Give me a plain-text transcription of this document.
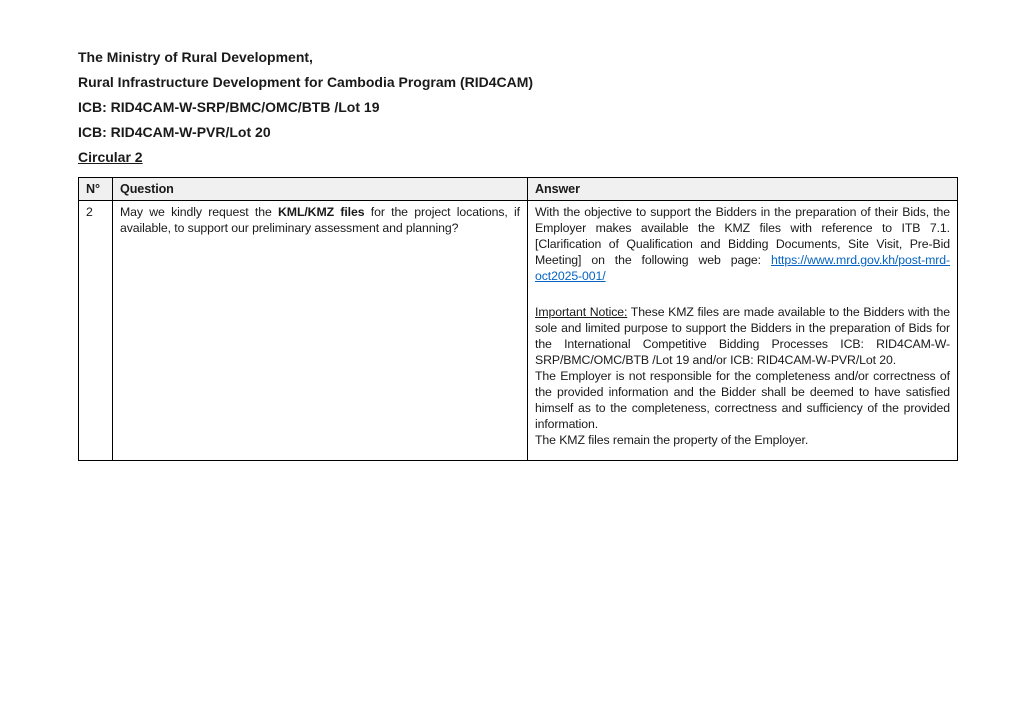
The Ministry of Rural Development,

Rural Infrastructure Development for Cambodia Program (RID4CAM)

ICB: RID4CAM-W-SRP/BMC/OMC/BTB /Lot 19

ICB: RID4CAM-W-PVR/Lot 20

Circular 2

N°	Question	Answer
2	May we kindly request the KML/KMZ files for the project locations, if available, to support our preliminary assessment and planning?	With the objective to support the Bidders in the preparation of their Bids, the Employer makes available the KMZ files with reference to ITB 7.1. [Clarification of Qualification and Bidding Documents, Site Visit, Pre-Bid Meeting] on the following web page: https://www.mrd.gov.kh/post-mrd-oct2025-001/

Important Notice: These KMZ files are made available to the Bidders with the sole and limited purpose to support the Bidders in the preparation of Bids for the International Competitive Bidding Processes ICB: RID4CAM-W-SRP/BMC/OMC/BTB /Lot 19 and/or ICB: RID4CAM-W-PVR/Lot 20.

The Employer is not responsible for the completeness and/or correctness of the provided information and the Bidder shall be deemed to have satisfied himself as to the completeness, correctness and sufficiency of the provided information.

The KMZ files remain the property of the Employer.
